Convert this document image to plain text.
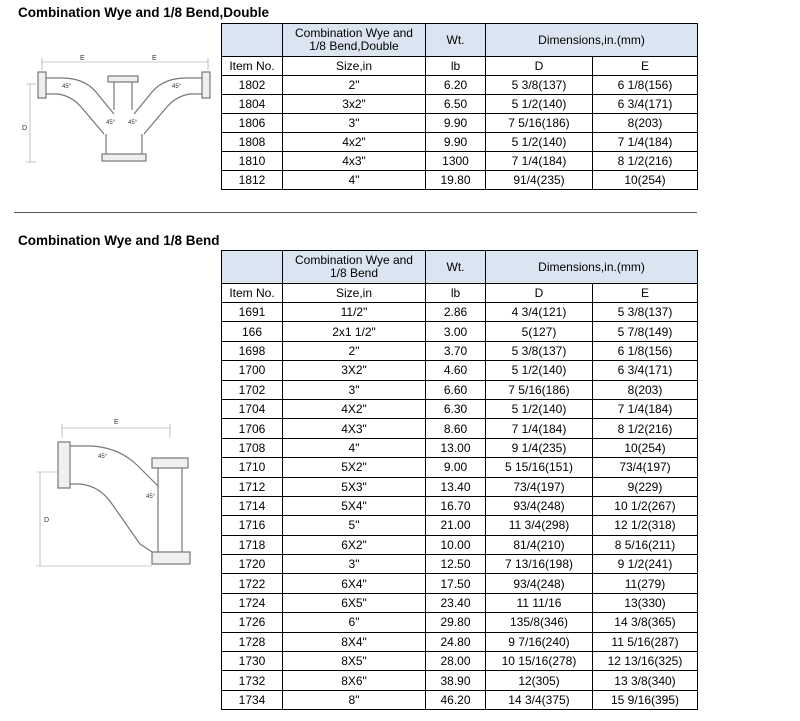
Combination Wye and 1/8 Bend,Double
D
E	E
45°	45°
45° 45°
	Combination Wye and
1/8 Bend,Double	Wt.	Dimensions,in.(mm)	
Item No.	Size,in	lb	D	E
1802	2"	6.20	5 3/8(137)	6 1/8(156)
1804	3x2"	6.50	5 1/2(140)	6 3/4(171)
1806	3"	9.90	7 5/16(186)	8(203)
1808	4x2"	9.90	5 1/2(140)	7 1/4(184)
1810	4x3"	1300	7 1/4(184)	8 1/2(216)
1812	4"	19.80	91/4(235)	10(254)
Combination Wye and 1/8 Bend
D
E
45°
45°
	Combination Wye and
1/8 Bend	Wt.	Dimensions,in.(mm)	
Item No.	Size,in	lb	D	E
1691	11/2"	2.86	4 3/4(121)	5 3/8(137)
166	2x1 1/2"	3.00	5(127)	5 7/8(149)
1698	2"	3.70	5 3/8(137)	6 1/8(156)
1700	3X2"	4.60	5 1/2(140)	6 3/4(171)
1702	3"	6.60	7 5/16(186)	8(203)
1704	4X2"	6.30	5 1/2(140)	7 1/4(184)
1706	4X3"	8.60	7 1/4(184)	8 1/2(216)
1708	4"	13.00	9 1/4(235)	10(254)
1710	5X2"	9.00	5 15/16(151)	73/4(197)
1712	5X3"	13.40	73/4(197)	9(229)
1714	5X4"	16.70	93/4(248)	10 1/2(267)
1716	5"	21.00	11 3/4(298)	12 1/2(318)
1718	6X2"	10.00	81/4(210)	8 5/16(211)
1720	3"	12.50	7 13/16(198)	9 1/2(241)
1722	6X4"	17.50	93/4(248)	11(279)
1724	6X5"	23.40	11 11/16	13(330)
1726	6"	29.80	135/8(346)	14 3/8(365)
1728	8X4"	24.80	9 7/16(240)	11 5/16(287)
1730	8X5"	28.00	10 15/16(278)	12 13/16(325)
1732	8X6"	38.90	12(305)	13 3/8(340)
1734	8"	46.20	14 3/4(375)	15 9/16(395)
